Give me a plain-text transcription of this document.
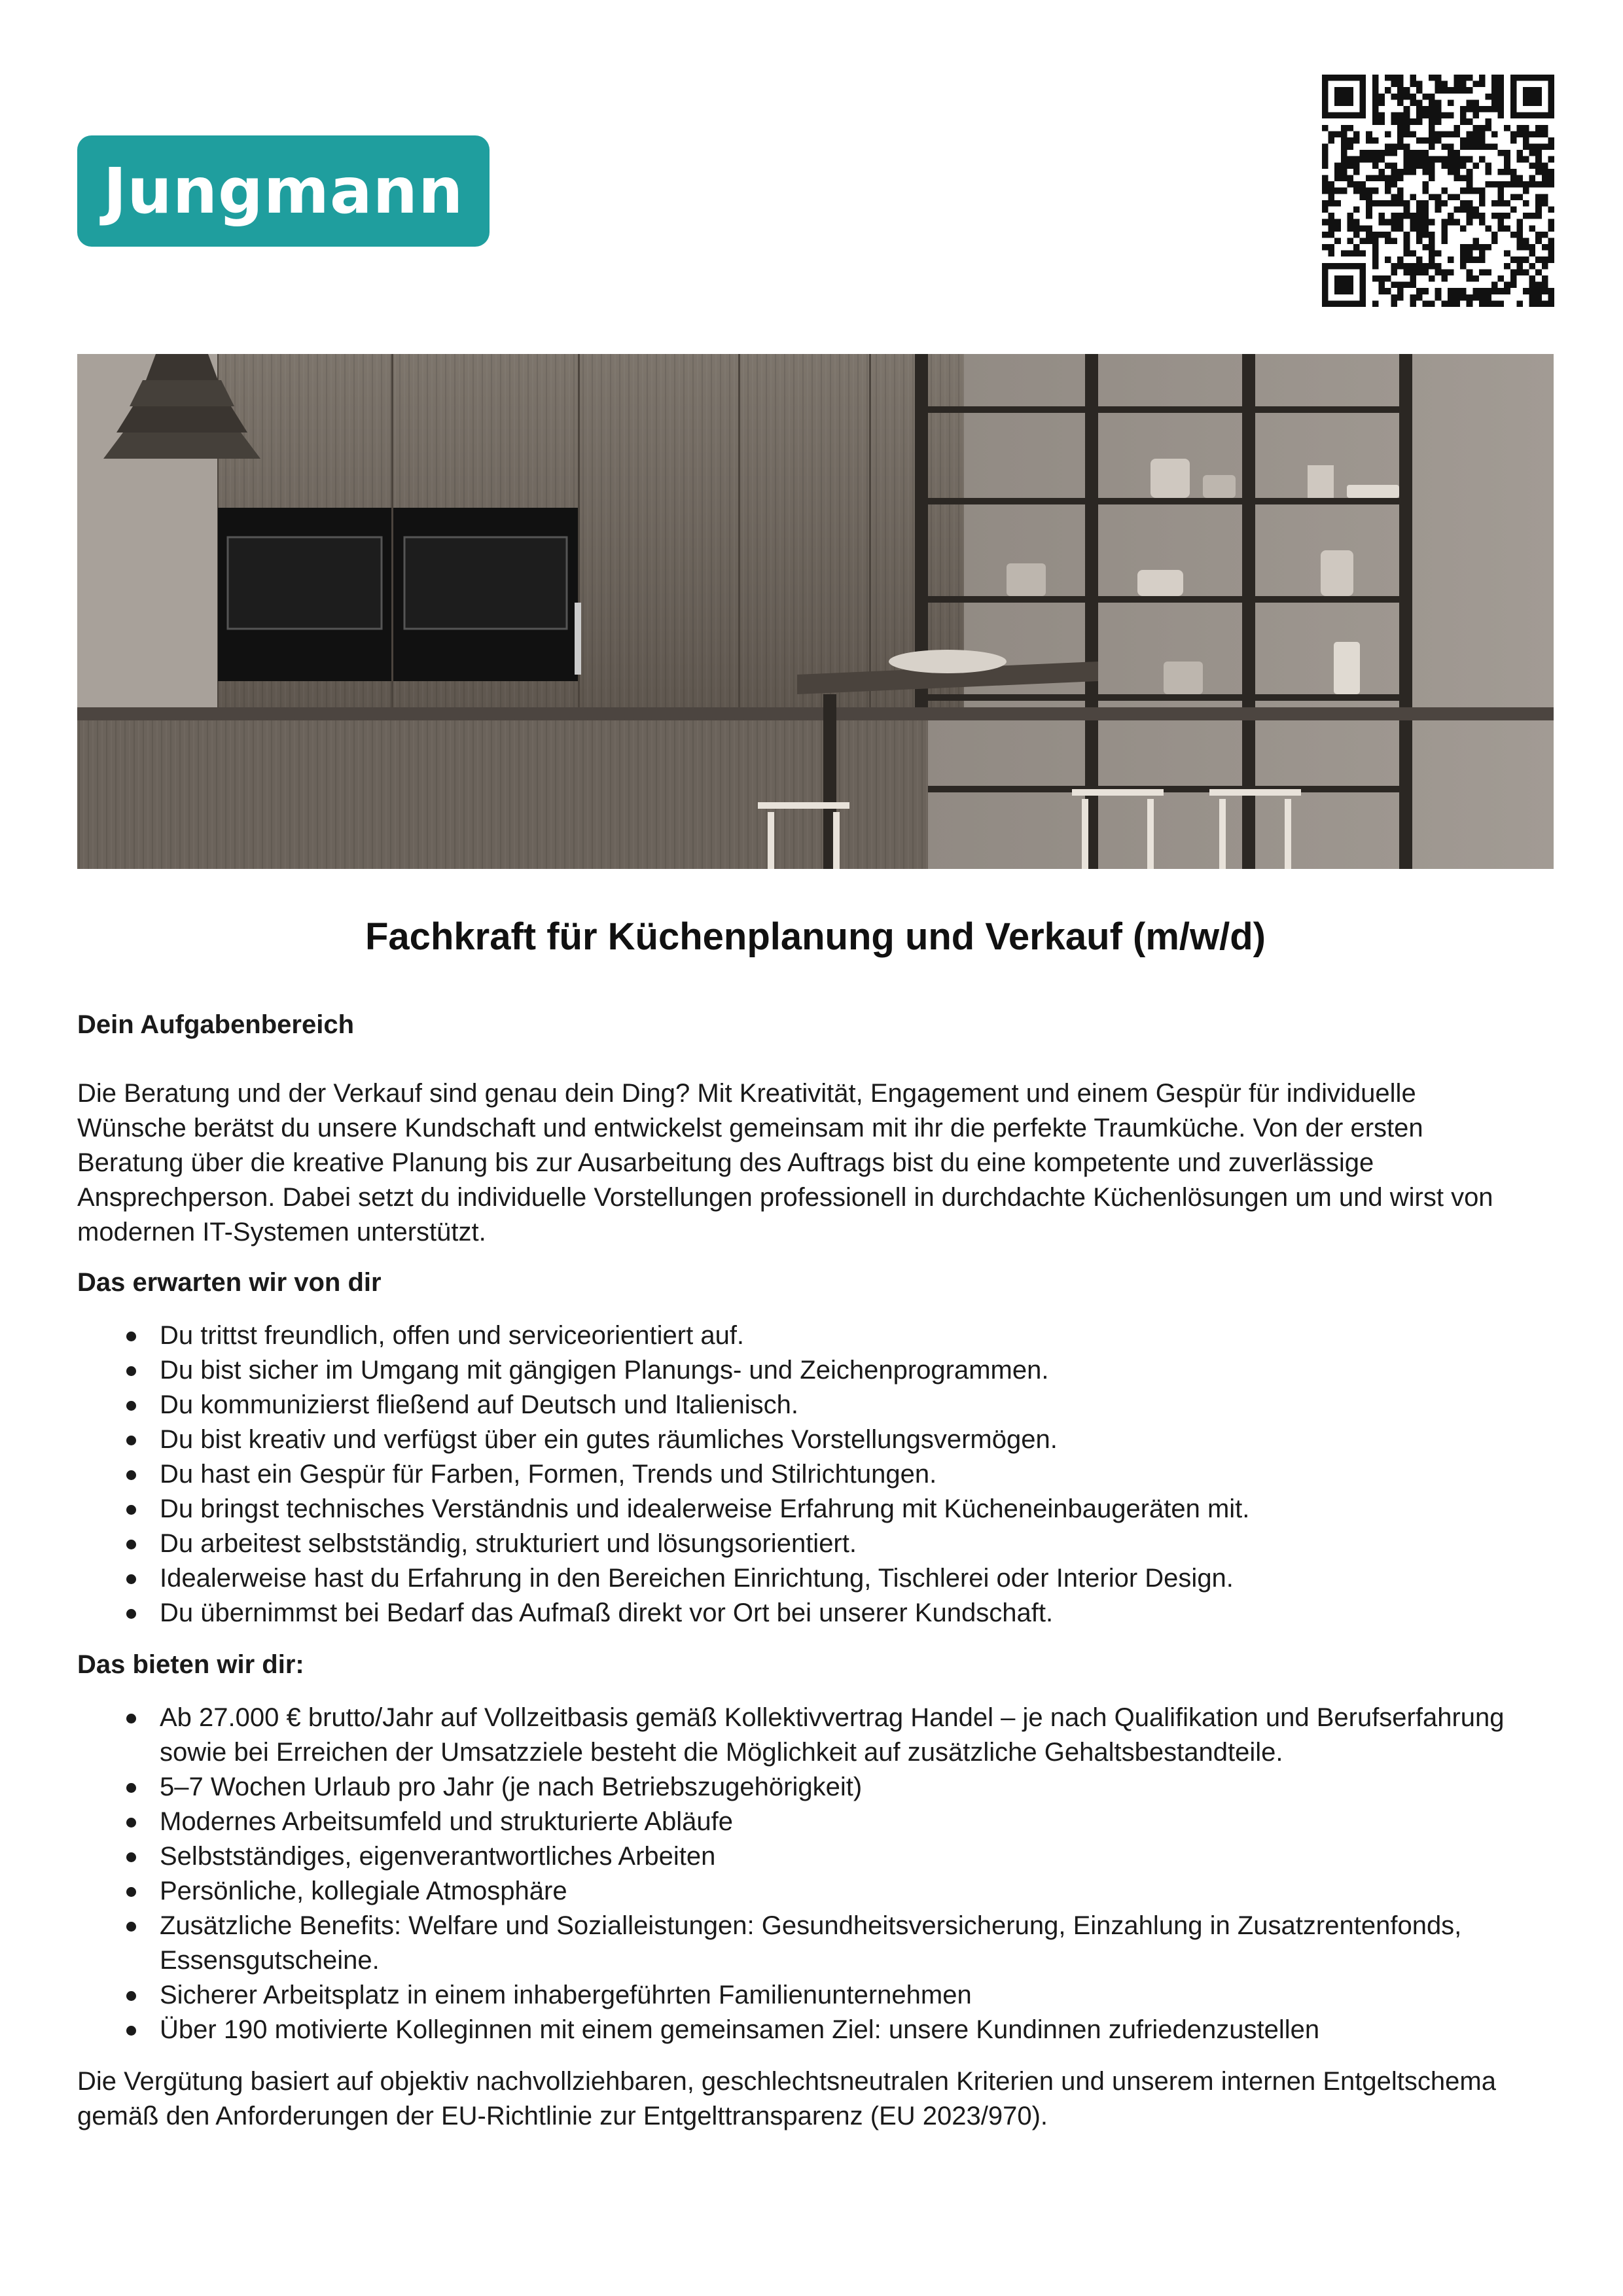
Jungmann
Fachkraft für Küchenplanung und Verkauf (m/w/d)
Dein Aufgabenbereich

Die Beratung und der Verkauf sind genau dein Ding? Mit Kreativität, Engagement und einem Gespür für individuelle Wünsche berätst du unsere Kundschaft und entwickelst gemeinsam mit ihr die perfekte Traumküche. Von der ersten Beratung über die kreative Planung bis zur Ausarbeitung des Auftrags bist du eine kompetente und zuverlässige Ansprechperson. Dabei setzt du individuelle Vorstellungen professionell in durchdachte Küchenlösungen um und wirst von modernen IT-Systemen unterstützt.

Das erwarten wir von dir
Du trittst freundlich, offen und serviceorientiert auf.
Du bist sicher im Umgang mit gängigen Planungs- und Zeichenprogrammen.
Du kommunizierst fließend auf Deutsch und Italienisch.
Du bist kreativ und verfügst über ein gutes räumliches Vorstellungsvermögen.
Du hast ein Gespür für Farben, Formen, Trends und Stilrichtungen.
Du bringst technisches Verständnis und idealerweise Erfahrung mit Kücheneinbaugeräten mit.
Du arbeitest selbstständig, strukturiert und lösungsorientiert.
Idealerweise hast du Erfahrung in den Bereichen Einrichtung, Tischlerei oder Interior Design.
Du übernimmst bei Bedarf das Aufmaß direkt vor Ort bei unserer Kundschaft.
Das bieten wir dir:
Ab 27.000 € brutto/Jahr auf Vollzeitbasis gemäß Kollektivvertrag Handel – je nach Qualifikation und Berufserfahrung sowie bei Erreichen der Umsatzziele besteht die Möglichkeit auf zusätzliche Gehaltsbestandteile.
5–7 Wochen Urlaub pro Jahr (je nach Betriebszugehörigkeit)
Modernes Arbeitsumfeld und strukturierte Abläufe
Selbstständiges, eigenverantwortliches Arbeiten
Persönliche, kollegiale Atmosphäre
Zusätzliche Benefits: Welfare und Sozialleistungen: Gesundheitsversicherung, Einzahlung in Zusatzrentenfonds, Essensgutscheine.
Sicherer Arbeitsplatz in einem inhabergeführten Familienunternehmen
Über 190 motivierte Kolleginnen mit einem gemeinsamen Ziel: unsere Kundinnen zufriedenzustellen

Die Vergütung basiert auf objektiv nachvollziehbaren, geschlechtsneutralen Kriterien und unserem internen Entgeltschema gemäß den Anforderungen der EU-Richtlinie zur Entgelttransparenz (EU 2023/970).
